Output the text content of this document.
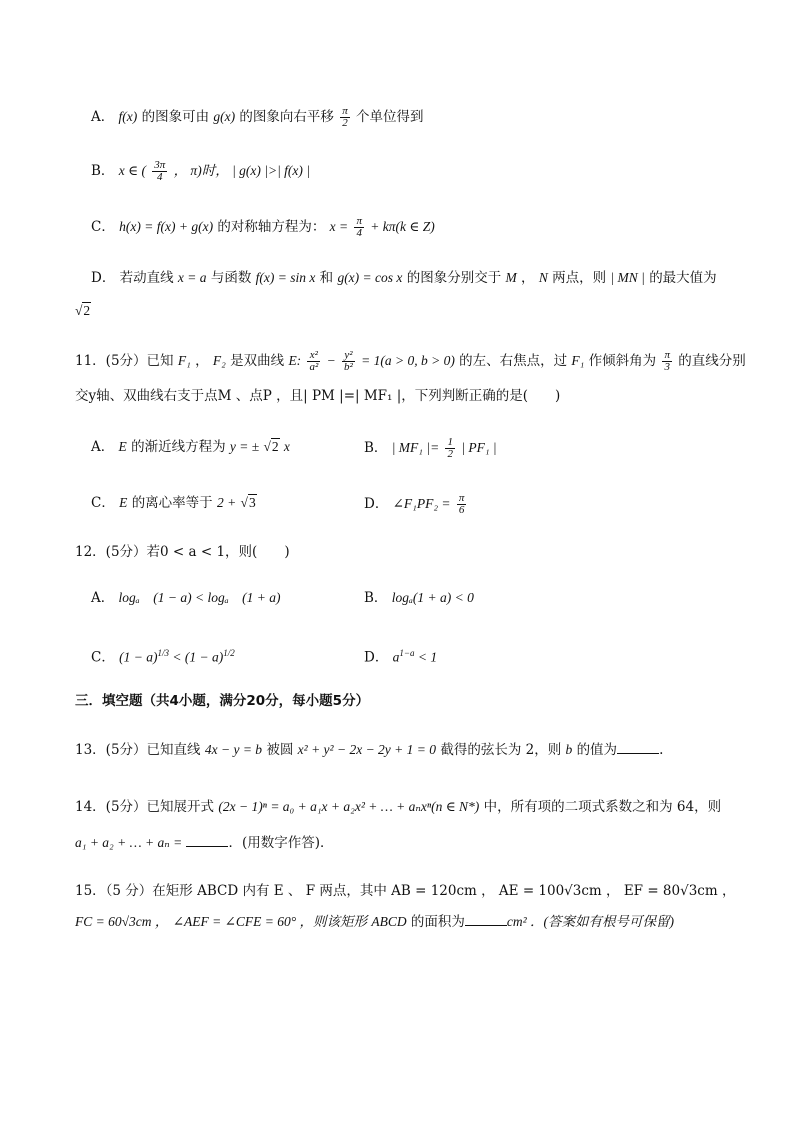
A． f(x) 的图象可由 g(x) 的图象向右平移 $\frac{\pi}{2}$ 个单位得到
B． x ∈ ( $\frac{3\pi}{4}$ ， π)时， | g(x) |>| f(x) |
C． h(x) = f(x) + g(x) 的对称轴方程为： $x = \frac{\pi}{4} + k\pi(k$ ∈ Z)
D． 若动直线 x = a 与函数 f(x) = sin x 和 g(x) = cos x 的图象分别交于 M ， N 两点，则 | MN | 的最大值为
√2
11．(5分）已知 F₁ ， F₂ 是双曲线 E: $\frac{\text{x²}}{\text{a²}} - \frac{\text{y²}}{\text{b²}} = 1(a > 0$, b > 0) 的左、右焦点，过 F₁ 作倾斜角为 $\frac{\pi}{3}$ 的直线分别
交y轴、双曲线右支于点M 、点P ，且| PM |=| MF₁ |，下列判断正确的是(　　)
A． E 的渐近线方程为 y = ± √2 x	B． | MF₁ |= $\frac{1}{2}$ | PF₁ |
C． E 的离心率等于 2 + √3	D． ∠F₁PF₂ = $\frac{\pi}{6}$
12．(5分）若0 < a < 1，则(　　)
A． logₐ　(1 − a) < logₐ　(1 + a)	B． logₐ(1 + a) < 0
C． $(1 - a)^{1/3} < (1 - a)^{1/2}$	D． $a^{1-a} < 1$
三．填空题（共4小题，满分20分，每小题5分）
13．(5分）已知直线 4x − y = b 被圆 x² + y² − 2x − 2y + 1 = 0 截得的弦长为 2，则 b 的值为	.
14．(5分）已知展开式 (2x − 1)ⁿ = a₀ + a₁x + a₂x² + … + aₙxⁿ(n ∈ N*) 中，所有项的二项式系数之和为 64，则
a₁ + a₂ + … + aₙ =	．(用数字作答)．
15．（5 分）在矩形 ABCD 内有 E 、 F 两点，其中 AB = 120cm ， AE = 100√3cm ， EF = 80√3cm ，
FC = 60√3cm ， ∠AEF = ∠CFE = 60° ，则该矩形 ABCD 的面积为	cm² ．(答案如有根号可保留)
